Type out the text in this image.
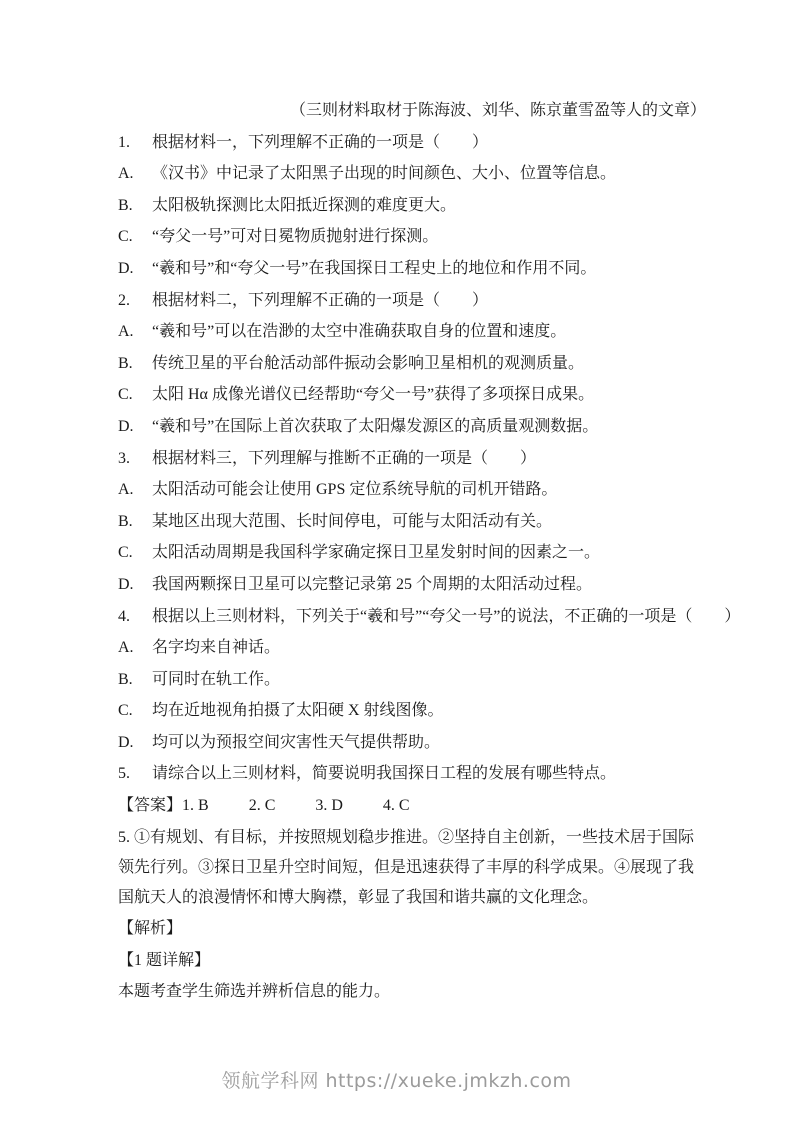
（三则材料取材于陈海波、刘华、陈京董雪盈等人的文章）
1. 根据材料一，下列理解不正确的一项是（　　）
A. 《汉书》中记录了太阳黑子出现的时间颜色、大小、位置等信息。
B. 太阳极轨探测比太阳抵近探测的难度更大。
C. “夸父一号”可对日冕物质抛射进行探测。
D. “羲和号”和“夸父一号”在我国探日工程史上的地位和作用不同。
2. 根据材料二，下列理解不正确的一项是（　　）
A. “羲和号”可以在浩渺的太空中准确获取自身的位置和速度。
B. 传统卫星的平台舱活动部件振动会影响卫星相机的观测质量。
C. 太阳 Hα 成像光谱仪已经帮助“夸父一号”获得了多项探日成果。
D. “羲和号”在国际上首次获取了太阳爆发源区的高质量观测数据。
3. 根据材料三，下列理解与推断不正确的一项是（　　）
A. 太阳活动可能会让使用 GPS 定位系统导航的司机开错路。
B. 某地区出现大范围、长时间停电，可能与太阳活动有关。
C. 太阳活动周期是我国科学家确定探日卫星发射时间的因素之一。
D. 我国两颗探日卫星可以完整记录第 25 个周期的太阳活动过程。
4. 根据以上三则材料，下列关于“羲和号”“夸父一号”的说法，不正确的一项是（　　）
A. 名字均来自神话。
B. 可同时在轨工作。
C. 均在近地视角拍摄了太阳硬 X 射线图像。
D. 均可以为预报空间灾害性天气提供帮助。
5. 请综合以上三则材料，简要说明我国探日工程的发展有哪些特点。
【答案】1. B	2. C	3. D	4. C
5. ①有规划、有目标，并按照规划稳步推进。②坚持自主创新，一些技术居于国际领先行列。③探日卫星升空时间短，但是迅速获得了丰厚的科学成果。④展现了我国航天人的浪漫情怀和博大胸襟，彰显了我国和谐共赢的文化理念。
【解析】
【1 题详解】
本题考查学生筛选并辨析信息的能力。
领航学科网 https://xueke.jmkzh.com
